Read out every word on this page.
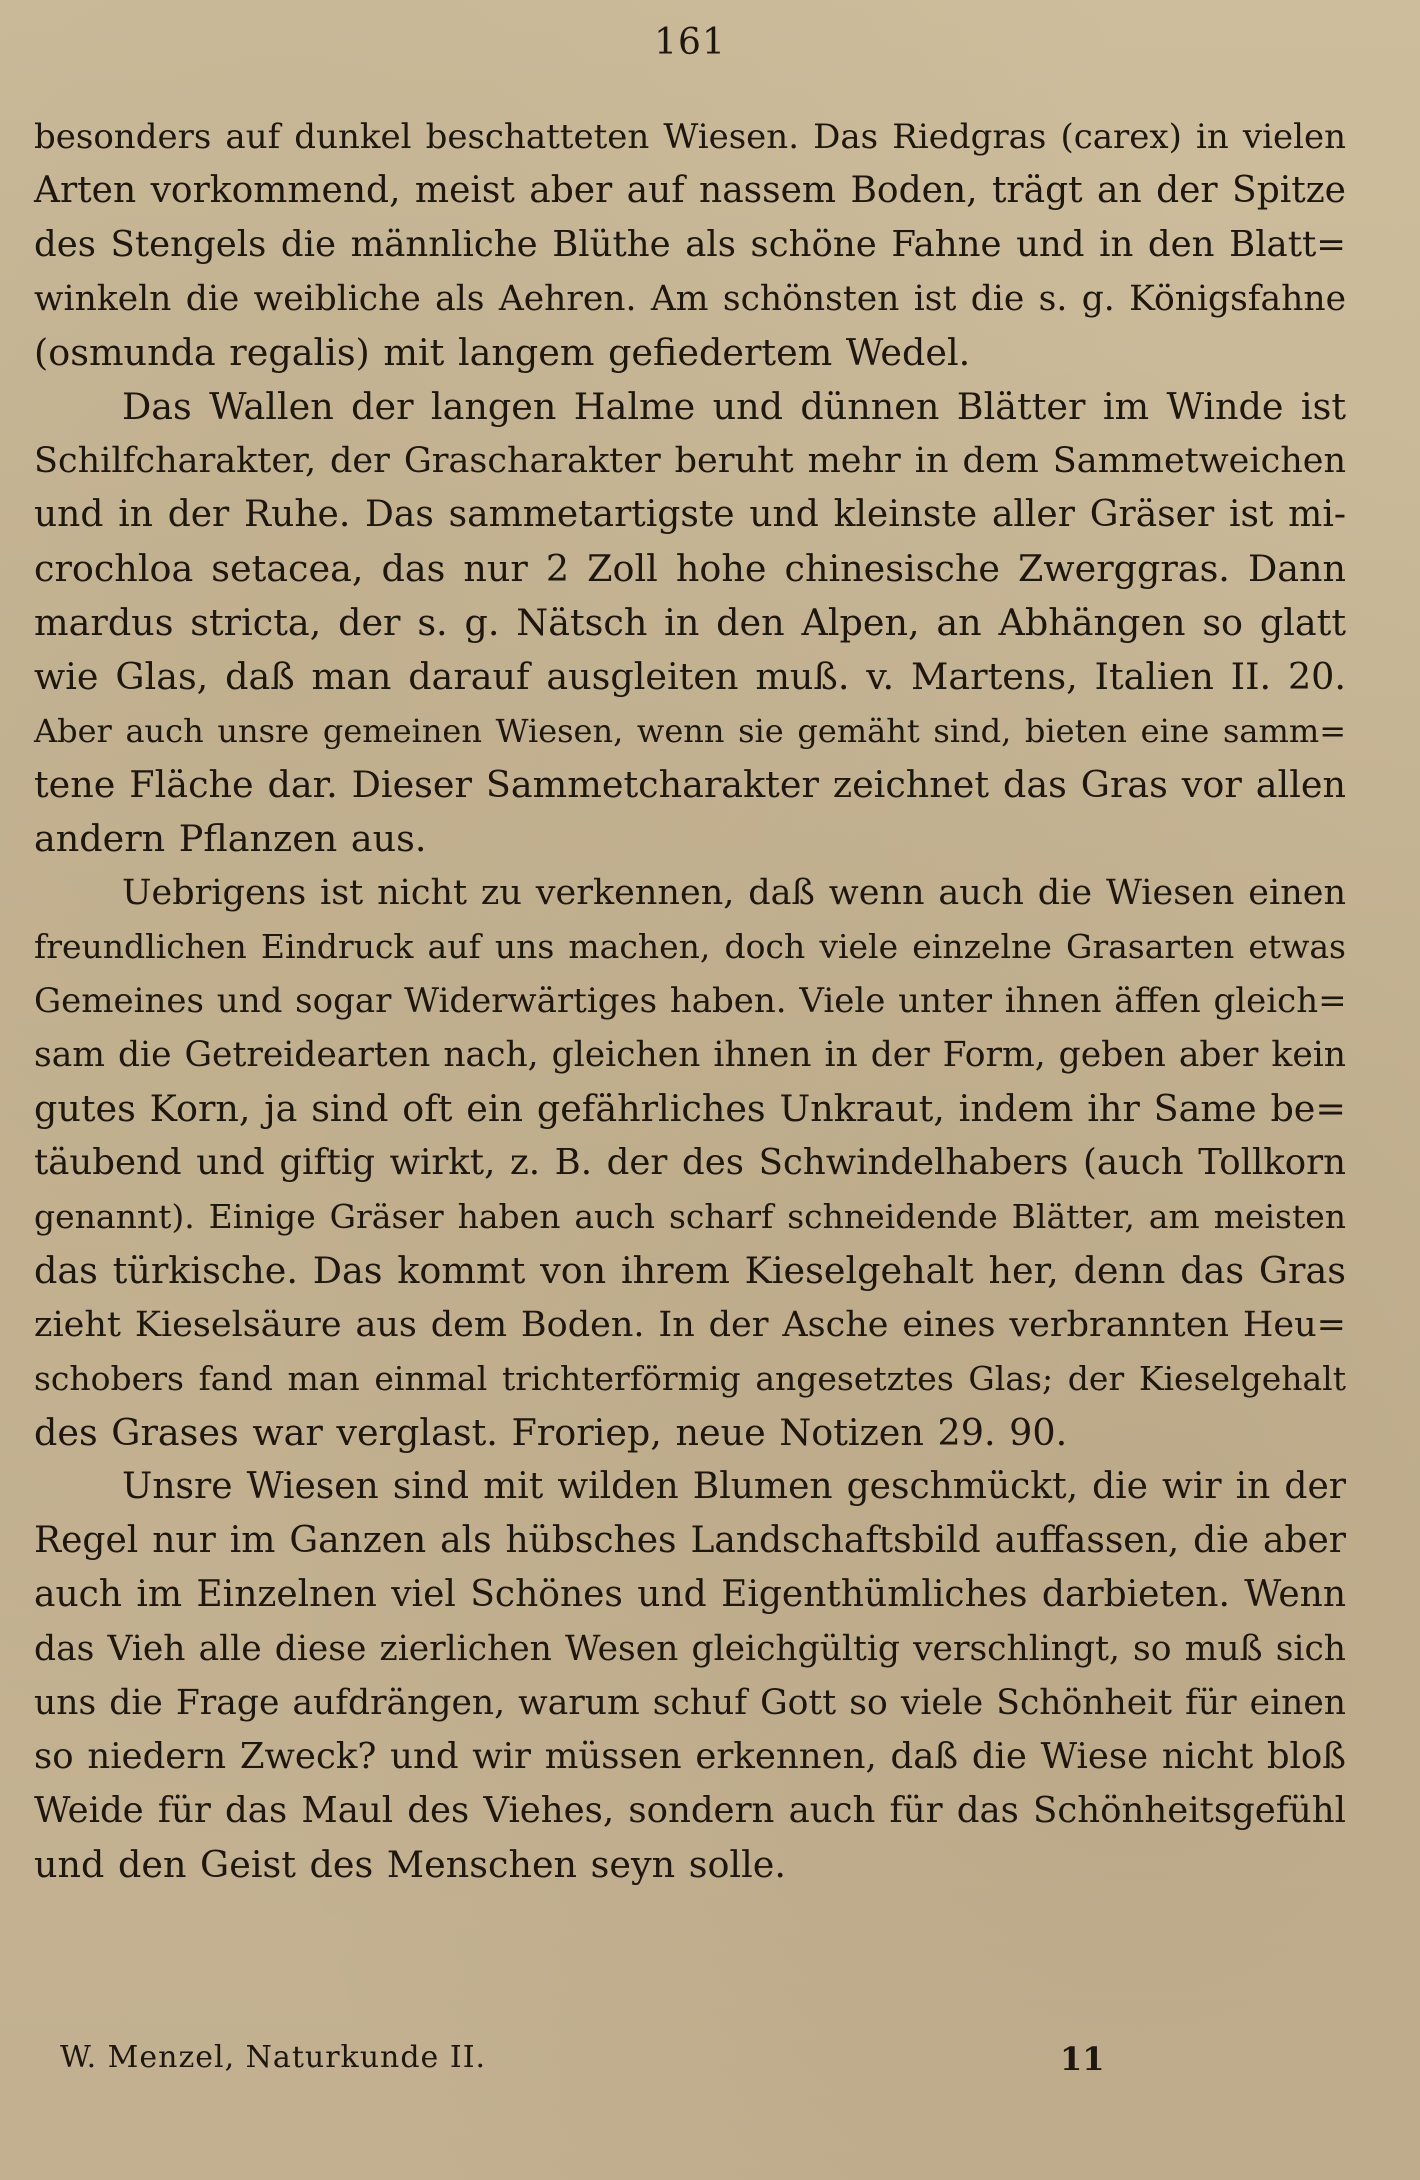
161

besonders auf dunkel beschatteten Wiesen. Das Riedgras (carex) in vielen
Arten vorkommend, meist aber auf nassem Boden, trägt an der Spitze
des Stengels die männliche Blüthe als schöne Fahne und in den Blatt=
winkeln die weibliche als Aehren. Am schönsten ist die s. g. Königsfahne
(osmunda regalis) mit langem gefiedertem Wedel.

Das Wallen der langen Halme und dünnen Blätter im Winde ist
Schilfcharakter, der Grascharakter beruht mehr in dem Sammetweichen
und in der Ruhe. Das sammetartigste und kleinste aller Gräser ist mi-
crochloa setacea, das nur 2 Zoll hohe chinesische Zwerggras. Dann
mardus stricta, der s. g. Nätsch in den Alpen, an Abhängen so glatt
wie Glas, daß man darauf ausgleiten muß. v. Martens, Italien II. 20.
Aber auch unsre gemeinen Wiesen, wenn sie gemäht sind, bieten eine samm=
tene Fläche dar. Dieser Sammetcharakter zeichnet das Gras vor allen
andern Pflanzen aus.

Uebrigens ist nicht zu verkennen, daß wenn auch die Wiesen einen
freundlichen Eindruck auf uns machen, doch viele einzelne Grasarten etwas
Gemeines und sogar Widerwärtiges haben. Viele unter ihnen äffen gleich=
sam die Getreidearten nach, gleichen ihnen in der Form, geben aber kein
gutes Korn, ja sind oft ein gefährliches Unkraut, indem ihr Same be=
täubend und giftig wirkt, z. B. der des Schwindelhabers (auch Tollkorn
genannt). Einige Gräser haben auch scharf schneidende Blätter, am meisten
das türkische. Das kommt von ihrem Kieselgehalt her, denn das Gras
zieht Kieselsäure aus dem Boden. In der Asche eines verbrannten Heu=
schobers fand man einmal trichterförmig angesetztes Glas; der Kieselgehalt
des Grases war verglast. Froriep, neue Notizen 29. 90.

Unsre Wiesen sind mit wilden Blumen geschmückt, die wir in der
Regel nur im Ganzen als hübsches Landschaftsbild auffassen, die aber
auch im Einzelnen viel Schönes und Eigenthümliches darbieten. Wenn
das Vieh alle diese zierlichen Wesen gleichgültig verschlingt, so muß sich
uns die Frage aufdrängen, warum schuf Gott so viele Schönheit für einen
so niedern Zweck? und wir müssen erkennen, daß die Wiese nicht bloß
Weide für das Maul des Viehes, sondern auch für das Schönheitsgefühl
und den Geist des Menschen seyn solle.

W. Menzel, Naturkunde II.	11
